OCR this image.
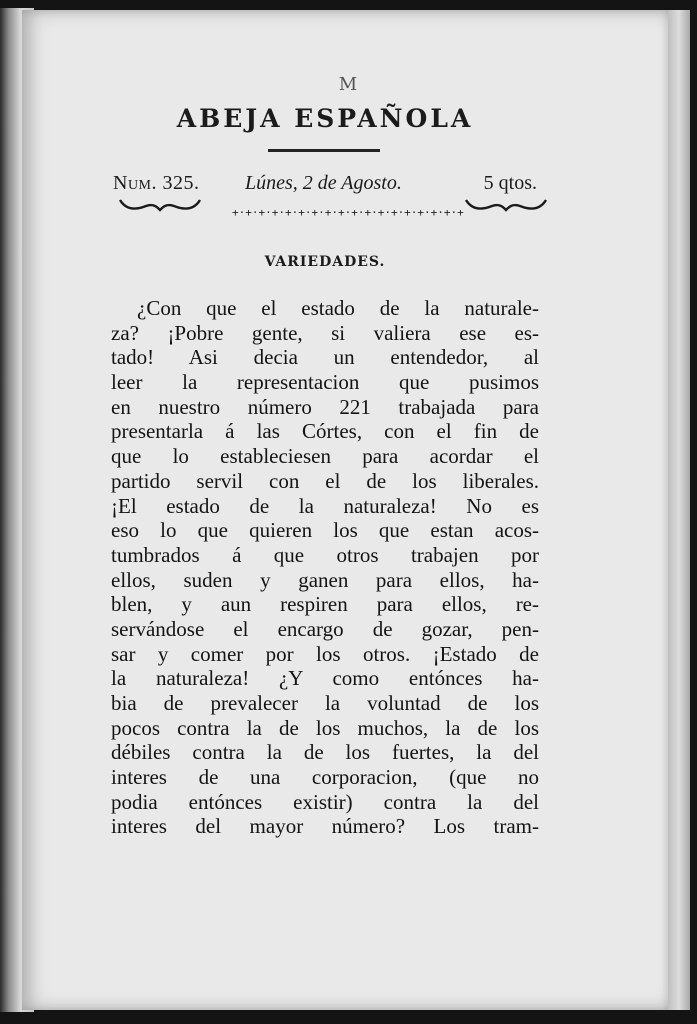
M
ABEJA ESPAÑOLA
Num. 325. Lúnes, 2 de Agosto.	5 qtos.
+·+·+·+·+·+·+·+·+·+·+·+·+·+·+·+·+·+
VARIEDADES.
¿Con que el estado de la naturale-
za? ¡Pobre gente, si valiera ese es-
tado! Asi decia un entendedor, al
leer la representacion que pusimos
en nuestro número 221 trabajada para
presentarla á las Córtes, con el fin de
que lo estableciesen para acordar el
partido servil con el de los liberales.
¡El estado de la naturaleza! No es
eso lo que quieren los que estan acos-
tumbrados á que otros trabajen por
ellos, suden y ganen para ellos, ha-
blen, y aun respiren para ellos, re-
servándose el encargo de gozar, pen-
sar y comer por los otros. ¡Estado de
la naturaleza! ¿Y como entónces ha-
bia de prevalecer la voluntad de los
pocos contra la de los muchos, la de los
débiles contra la de los fuertes, la del
interes de una corporacion, (que no
podia entónces existir) contra la del
interes del mayor número? Los tram-
